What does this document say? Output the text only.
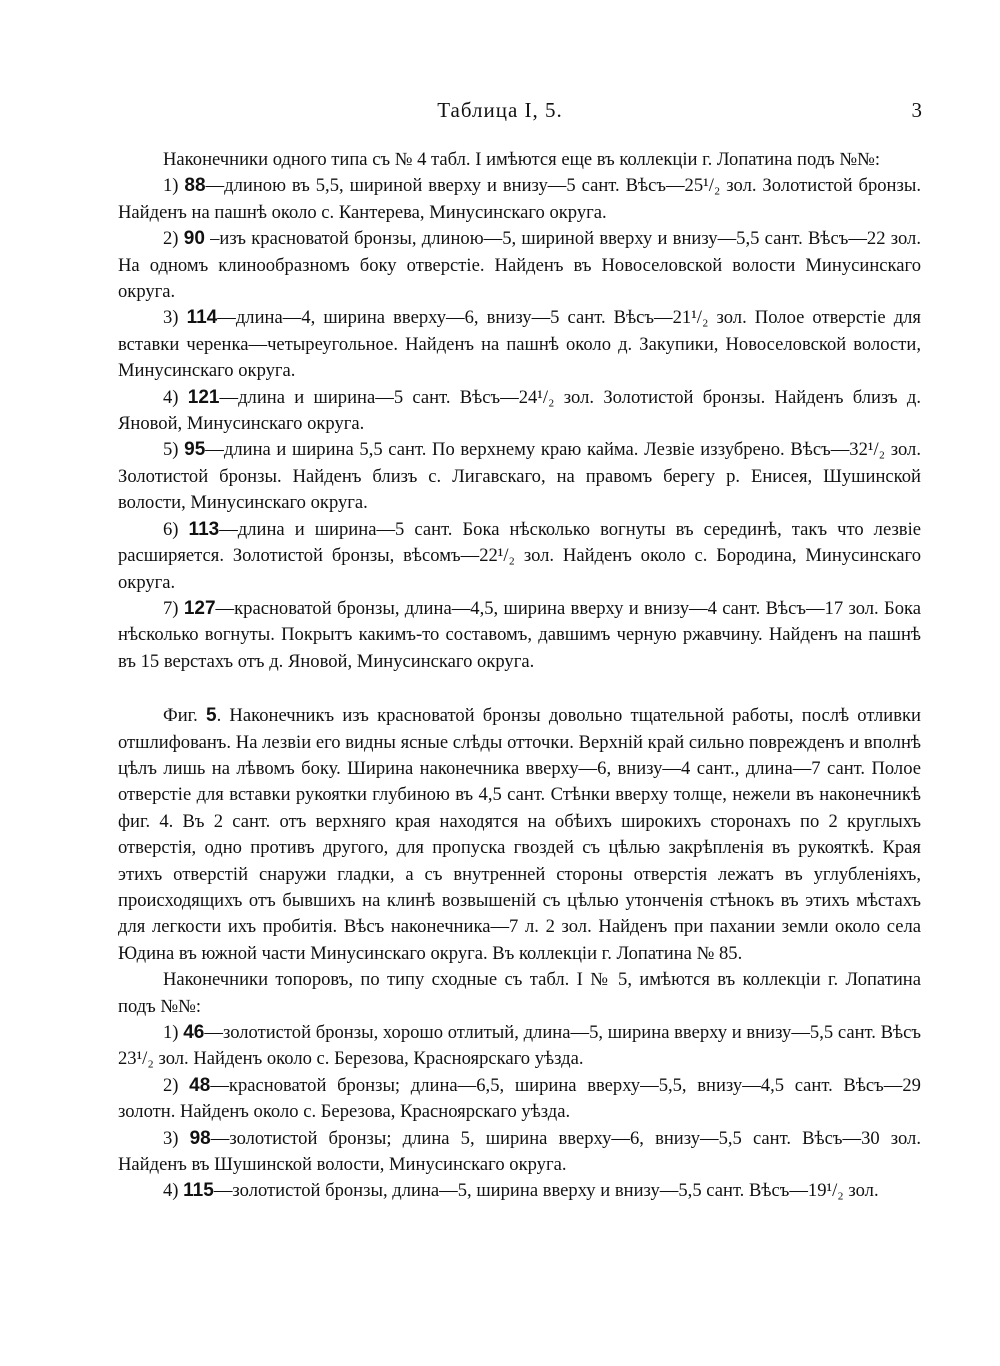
Таблица I, 5.	3

Наконечники одного типа съ № 4 табл. I имѣются еще въ коллекціи г. Лопатина подъ №№:

1) 88—длиною въ 5,5, шириной вверху и внизу—5 сант. Вѣсъ—25¹/₂ зол. Золотистой бронзы. Найденъ на пашнѣ около с. Кантерева, Минусинскаго округа.

2) 90 –изъ красноватой бронзы, длиною—5, шириной вверху и внизу—5,5 сант. Вѣсъ—22 зол. На одномъ клинообразномъ боку отверстіе. Найденъ въ Новоселовской волости Минусинскаго округа.

3) 114—длина—4, ширина вверху—6, внизу—5 сант. Вѣсъ—21¹/₂ зол. Полое отверстіе для вставки черенка—четыреугольное. Найденъ на пашнѣ около д. Закупики, Новоселовской волости, Минусинскаго округа.

4) 121—длина и ширина—5 сант. Вѣсъ—24¹/₂ зол. Золотистой бронзы. Найденъ близъ д. Яновой, Минусинскаго округа.

5) 95—длина и ширина 5,5 сант. По верхнему краю кайма. Лезвіе иззубрено. Вѣсъ—32¹/₂ зол. Золотистой бронзы. Найденъ близъ с. Лигавскаго, на правомъ берегу р. Енисея, Шушинской волости, Минусинскаго округа.

6) 113—длина и ширина—5 сант. Бока нѣсколько вогнуты въ серединѣ, такъ что лезвіе расширяется. Золотистой бронзы, вѣсомъ—22¹/₂ зол. Найденъ около с. Бородина, Минусинскаго округа.

7) 127—красноватой бронзы, длина—4,5, ширина вверху и внизу—4 сант. Вѣсъ—17 зол. Бока нѣсколько вогнуты. Покрытъ какимъ-то составомъ, давшимъ черную ржавчину. Найденъ на пашнѣ въ 15 верстахъ отъ д. Яновой, Минусинскаго округа.

Фиг. 5. Наконечникъ изъ красноватой бронзы довольно тщательной работы, послѣ отливки отшлифованъ. На лезвіи его видны ясные слѣды отточки. Верхній край сильно поврежденъ и вполнѣ цѣлъ лишь на лѣвомъ боку. Ширина наконечника вверху—6, внизу—4 сант., длина—7 сант. Полое отверстіе для вставки рукоятки глубиною въ 4,5 сант. Стѣнки вверху толще, нежели въ наконечникѣ фиг. 4. Въ 2 сант. отъ верхняго края находятся на обѣихъ широкихъ сторонахъ по 2 круглыхъ отверстія, одно противъ другого, для пропуска гвоздей съ цѣлью закрѣпленія въ рукояткѣ. Края этихъ отверстій снаружи гладки, а съ внутренней стороны отверстія лежатъ въ углубленіяхъ, происходящихъ отъ бывшихъ на клинѣ возвышеній съ цѣлью утонченія стѣнокъ въ этихъ мѣстахъ для легкости ихъ пробитія. Вѣсъ наконечника—7 л. 2 зол. Найденъ при пахании земли около села Юдина въ южной части Минусинскаго округа. Въ коллекціи г. Лопатина № 85.

Наконечники топоровъ, по типу сходные съ табл. I № 5, имѣются въ коллекціи г. Лопатина подъ №№:

1) 46—золотистой бронзы, хорошо отлитый, длина—5, ширина вверху и внизу—5,5 сант. Вѣсъ 23¹/₂ зол. Найденъ около с. Березова, Красноярскаго уѣзда.

2) 48—красноватой бронзы; длина—6,5, ширина вверху—5,5, внизу—4,5 сант. Вѣсъ—29 золотн. Найденъ около с. Березова, Красноярскаго уѣзда.

3) 98—золотистой бронзы; длина 5, ширина вверху—6, внизу—5,5 сант. Вѣсъ—30 зол. Найденъ въ Шушинской волости, Минусинскаго округа.

4) 115—золотистой бронзы, длина—5, ширина вверху и внизу—5,5 сант. Вѣсъ—19¹/₂ зол.
